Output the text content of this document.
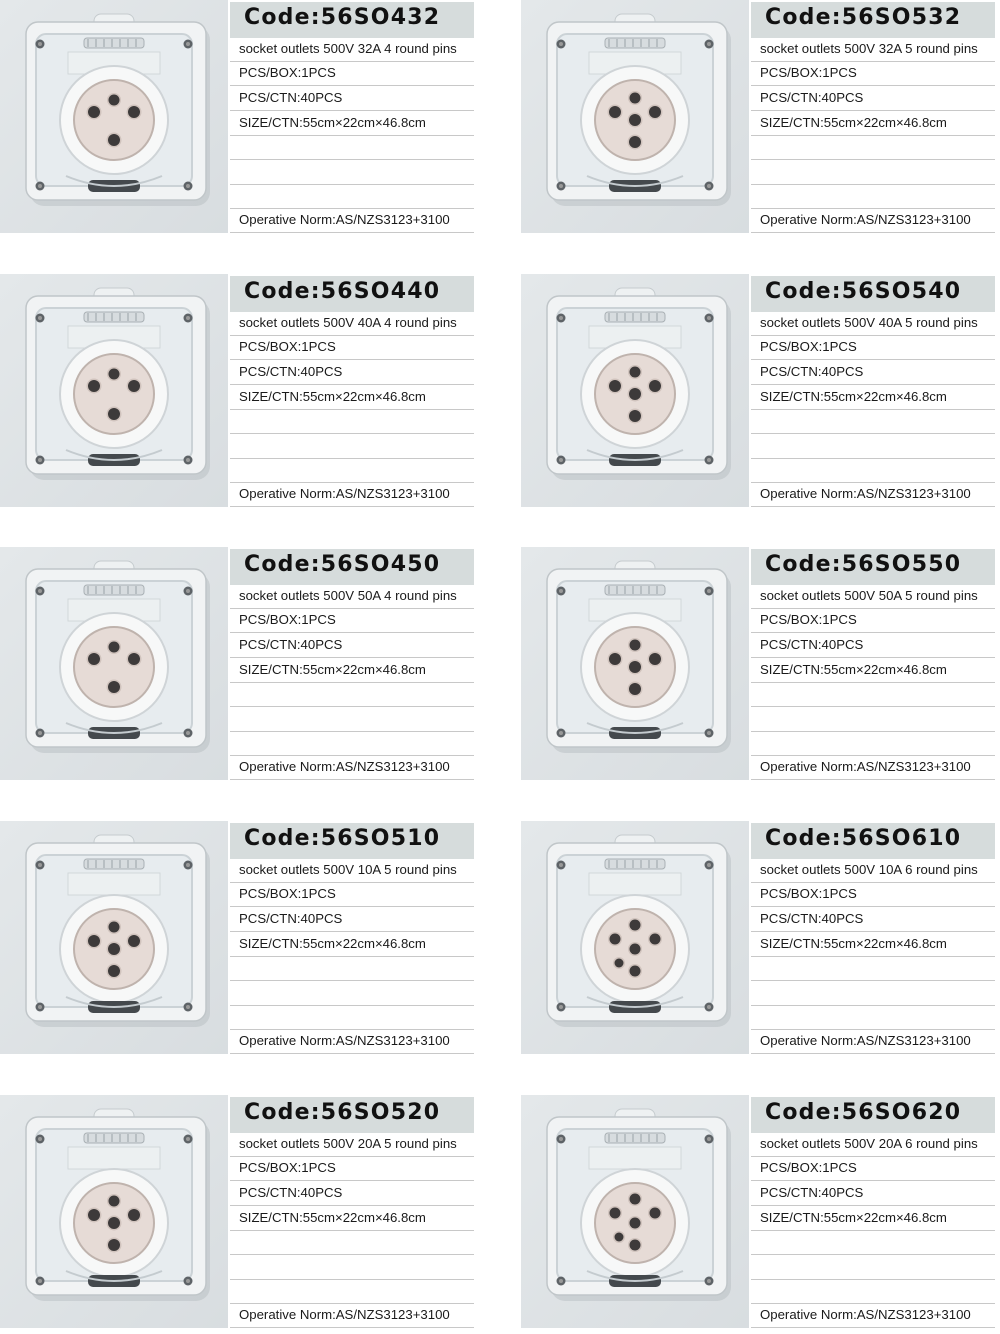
Code:56SO432
socket outlets 500V 32A 4 round pins
PCS/BOX:1PCS
PCS/CTN:40PCS
SIZE/CTN:55cm×22cm×46.8cm
Operative Norm:AS/NZS3123+3100
Code:56SO532
socket outlets 500V 32A 5 round pins
PCS/BOX:1PCS
PCS/CTN:40PCS
SIZE/CTN:55cm×22cm×46.8cm
Operative Norm:AS/NZS3123+3100
Code:56SO440
socket outlets 500V 40A 4 round pins
PCS/BOX:1PCS
PCS/CTN:40PCS
SIZE/CTN:55cm×22cm×46.8cm
Operative Norm:AS/NZS3123+3100
Code:56SO540
socket outlets 500V 40A 5 round pins
PCS/BOX:1PCS
PCS/CTN:40PCS
SIZE/CTN:55cm×22cm×46.8cm
Operative Norm:AS/NZS3123+3100
Code:56SO450
socket outlets 500V 50A 4 round pins
PCS/BOX:1PCS
PCS/CTN:40PCS
SIZE/CTN:55cm×22cm×46.8cm
Operative Norm:AS/NZS3123+3100
Code:56SO550
socket outlets 500V 50A 5 round pins
PCS/BOX:1PCS
PCS/CTN:40PCS
SIZE/CTN:55cm×22cm×46.8cm
Operative Norm:AS/NZS3123+3100
Code:56SO510
socket outlets 500V 10A 5 round pins
PCS/BOX:1PCS
PCS/CTN:40PCS
SIZE/CTN:55cm×22cm×46.8cm
Operative Norm:AS/NZS3123+3100
Code:56SO610
socket outlets 500V 10A 6 round pins
PCS/BOX:1PCS
PCS/CTN:40PCS
SIZE/CTN:55cm×22cm×46.8cm
Operative Norm:AS/NZS3123+3100
Code:56SO520
socket outlets 500V 20A 5 round pins
PCS/BOX:1PCS
PCS/CTN:40PCS
SIZE/CTN:55cm×22cm×46.8cm
Operative Norm:AS/NZS3123+3100
Code:56SO620
socket outlets 500V 20A 6 round pins
PCS/BOX:1PCS
PCS/CTN:40PCS
SIZE/CTN:55cm×22cm×46.8cm
Operative Norm:AS/NZS3123+3100
